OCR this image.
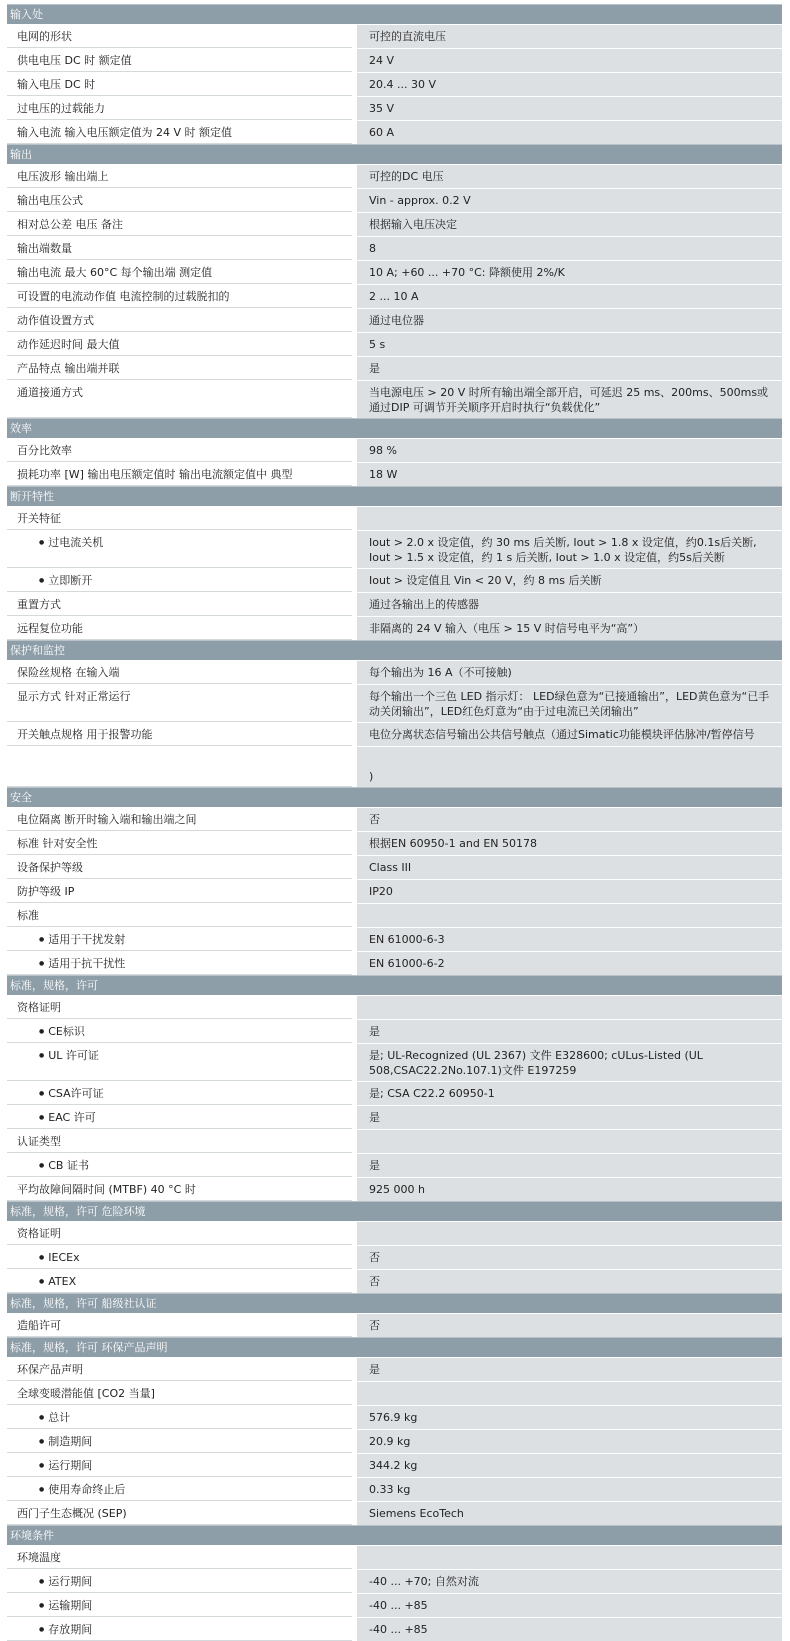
输入处
电网的形状	可控的直流电压
供电电压 DC 时 额定值	24 V
输入电压 DC 时	20.4 ... 30 V
过电压的过载能力	35 V
输入电流 输入电压额定值为 24 V 时 额定值	60 A
输出
电压波形 输出端上	可控的DC 电压
输出电压公式	Vin - approx. 0.2 V
相对总公差 电压 备注	根据输入电压决定
输出端数量	8
输出电流 最大 60°C 每个输出端 测定值	10 A; +60 ... +70 °C: 降额使用 2%/K
可设置的电流动作值 电流控制的过载脱扣的	2 ... 10 A
动作值设置方式	通过电位器
动作延迟时间 最大值	5 s
产品特点 输出端并联	是
通道接通方式	当电源电压 > 20 V 时所有输出端全部开启，可延迟 25 ms、200ms、500ms或通过DIP 可调节开关顺序开启时执行“负载优化”
效率
百分比效率	98 %
损耗功率 [W] 输出电压额定值时 输出电流额定值中 典型	18 W
断开特性
开关特征
● 过电流关机	Iout > 2.0 x 设定值，约 30 ms 后关断, Iout > 1.8 x 设定值，约0.1s后关断, Iout > 1.5 x 设定值，约 1 s 后关断, Iout > 1.0 x 设定值，约5s后关断
● 立即断开	Iout > 设定值且 Vin < 20 V，约 8 ms 后关断
重置方式	通过各输出上的传感器
远程复位功能	非隔离的 24 V 输入（电压 > 15 V 时信号电平为“高”）
保护和监控
保险丝规格 在输入端	每个输出为 16 A（不可接触)
显示方式 针对正常运行	每个输出一个三色 LED 指示灯： LED绿色意为“已接通输出”，LED黄色意为“已手动关闭输出”，LED红色灯意为“由于过电流已关闭输出”
开关触点规格 用于报警功能	电位分离状态信号输出公共信号触点（通过Simatic功能模块评估脉冲/暂停信号
)
安全
电位隔离 断开时输入端和输出端之间	否
标准 针对安全性	根据EN 60950-1 and EN 50178
设备保护等级	Class III
防护等级 IP	IP20
标准
● 适用于干扰发射	EN 61000-6-3
● 适用于抗干扰性	EN 61000-6-2
标准，规格，许可
资格证明
● CE标识	是
● UL 许可证	是; UL-Recognized (UL 2367) 文件 E328600; cULus-Listed (UL 508,CSAC22.2No.107.1)文件 E197259
● CSA许可证	是; CSA C22.2 60950-1
● EAC 许可	是
认证类型
● CB 证书	是
平均故障间隔时间 (MTBF) 40 °C 时	925 000 h
标准，规格，许可 危险环境
资格证明
● IECEx	否
● ATEX	否
标准，规格，许可 船级社认证
造船许可	否
标准，规格，许可 环保产品声明
环保产品声明	是
全球变暖潜能值 [CO2 当量]
● 总计	576.9 kg
● 制造期间	20.9 kg
● 运行期间	344.2 kg
● 使用寿命终止后	0.33 kg
西门子生态概况 (SEP)	Siemens EcoTech
环境条件
环境温度
● 运行期间	-40 ... +70; 自然对流
● 运输期间	-40 ... +85
● 存放期间	-40 ... +85
